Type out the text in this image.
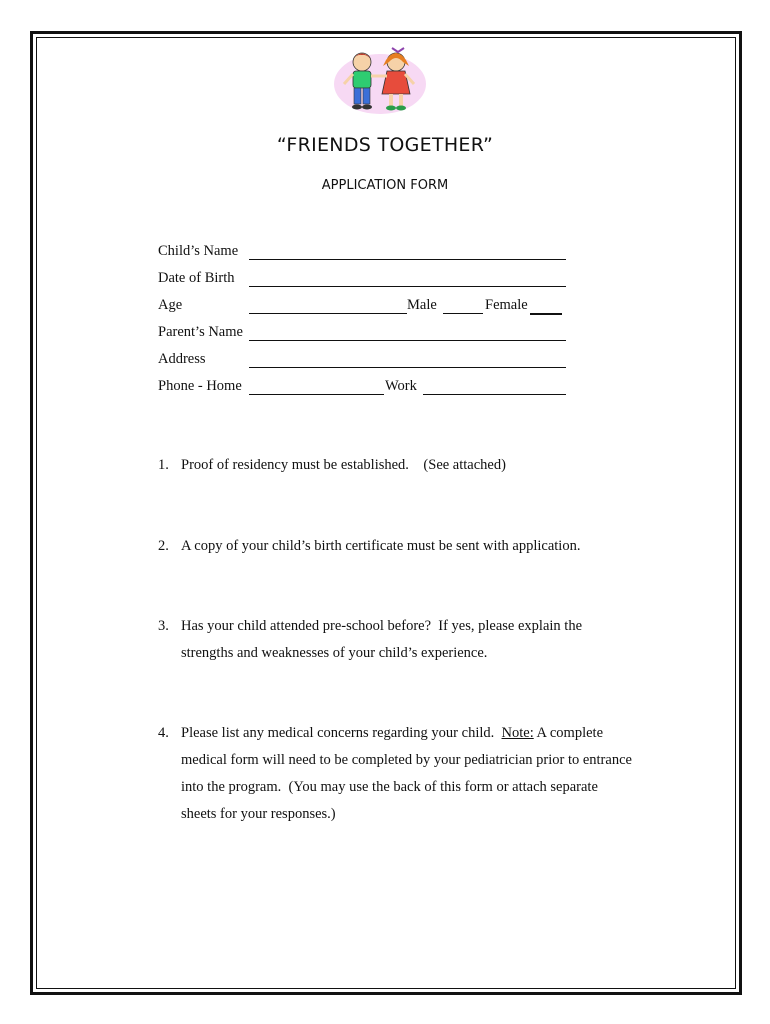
“FRIENDS TOGETHER”
APPLICATION FORM
Child’s Name
Date of Birth
Age	Male	Female
Parent’s Name
Address
Phone - Home	Work
1. Proof of residency must be established.    (See attached)
2. A copy of your child’s birth certificate must be sent with application.
3. Has your child attended pre-school before?  If yes, please explain the
strengths and weaknesses of your child’s experience.
4. Please list any medical concerns regarding your child.  Note: A complete
medical form will need to be completed by your pediatrician prior to entrance
into the program.  (You may use the back of this form or attach separate
sheets for your responses.)
